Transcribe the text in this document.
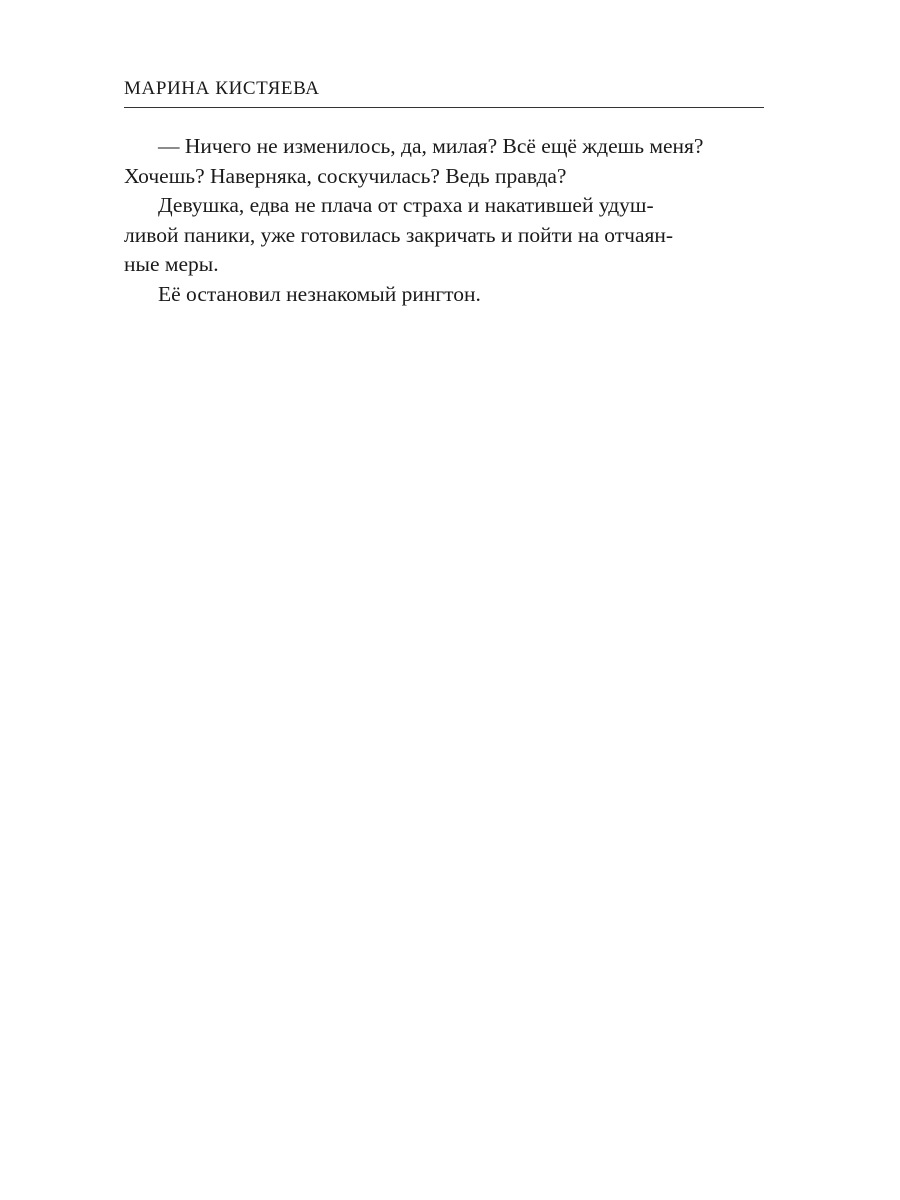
МАРИНА КИСТЯЕВА

— Ничего не изменилось, да, милая? Всё ещё ждешь меня?
Хочешь? Наверняка, соскучилась? Ведь правда?

Девушка, едва не плача от страха и накатившей удуш-
ливой паники, уже готовилась закричать и пойти на отчаян-
ные меры.

Её остановил незнакомый рингтон.
